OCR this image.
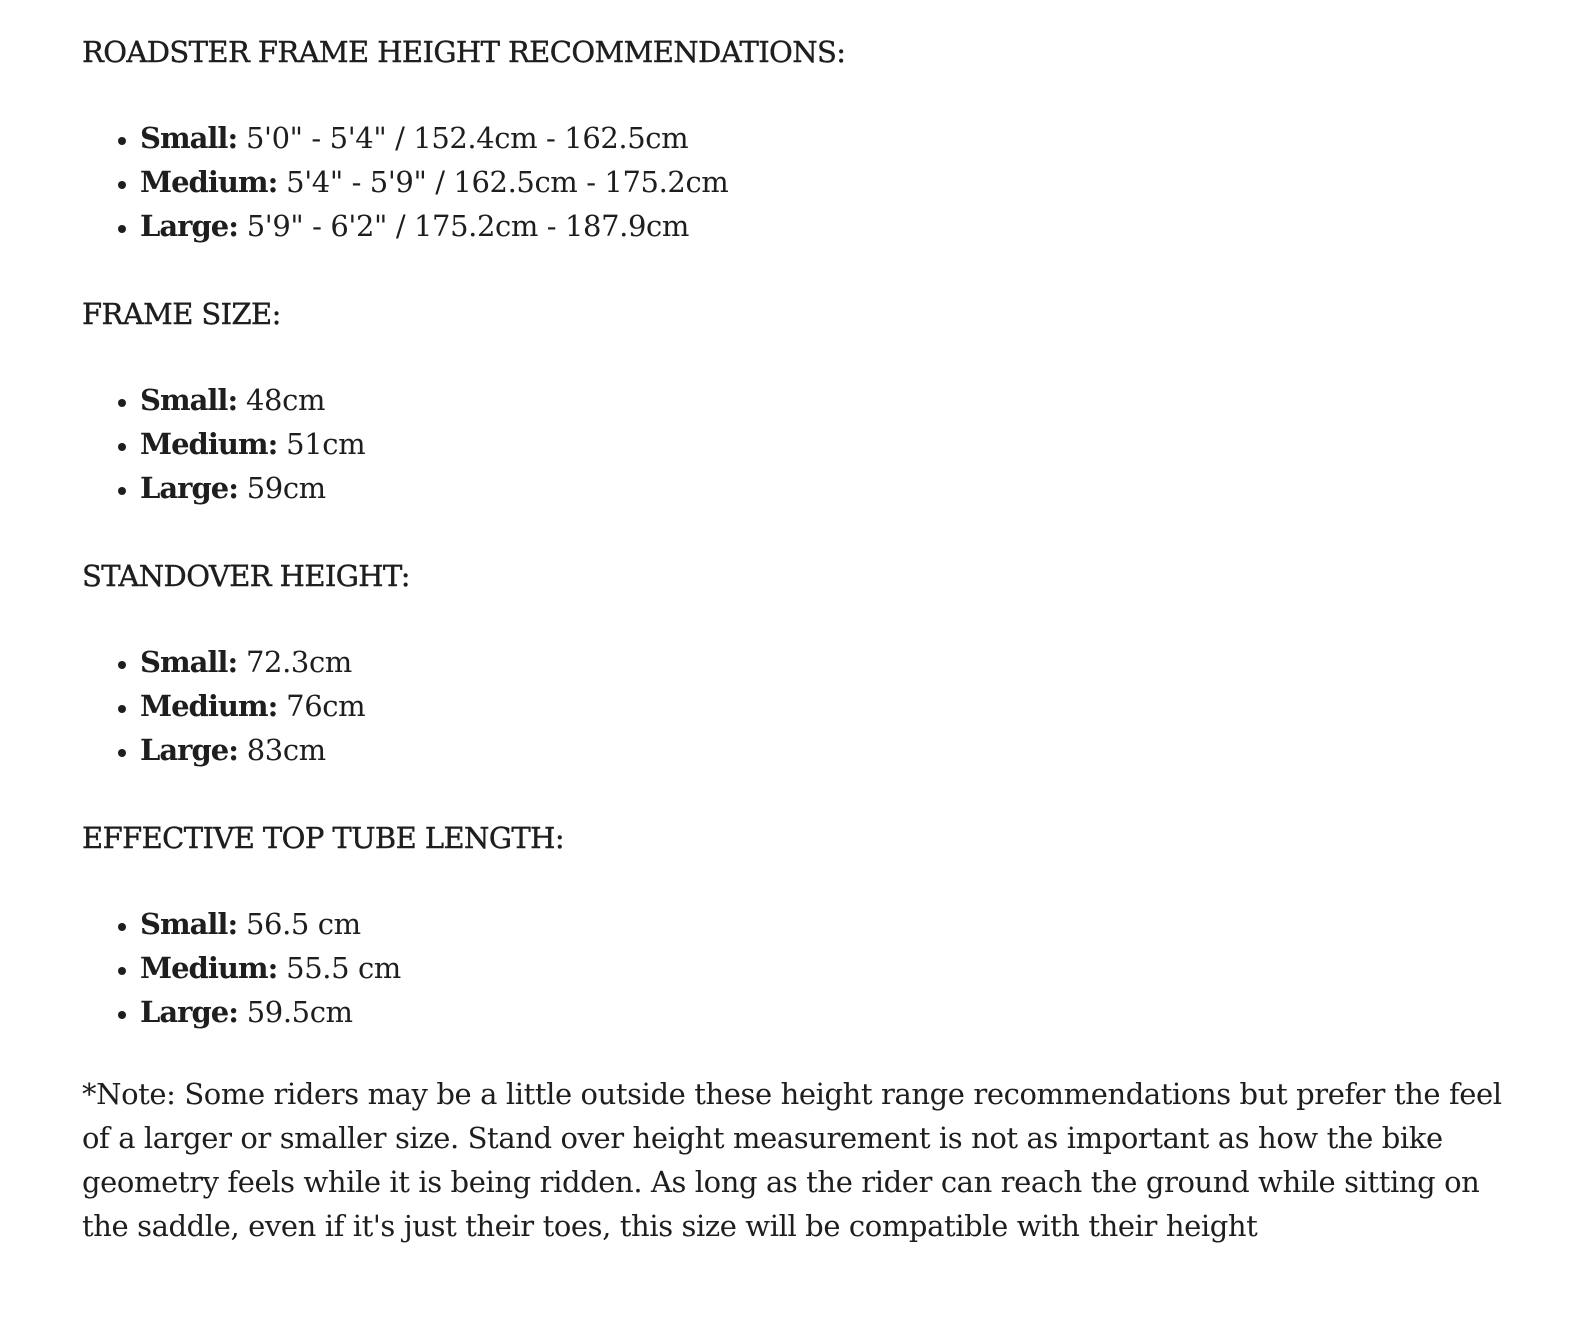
ROADSTER FRAME HEIGHT RECOMMENDATIONS:
• Small: 5'0" - 5'4" / 152.4cm - 162.5cm
• Medium: 5'4" - 5'9" / 162.5cm - 175.2cm
• Large: 5'9" - 6'2" / 175.2cm - 187.9cm
FRAME SIZE:
• Small: 48cm
• Medium: 51cm
• Large: 59cm
STANDOVER HEIGHT:
• Small: 72.3cm
• Medium: 76cm
• Large: 83cm
EFFECTIVE TOP TUBE LENGTH:
• Small: 56.5 cm
• Medium: 55.5 cm
• Large: 59.5cm

*Note: Some riders may be a little outside these height range recommendations but prefer the feel of a larger or smaller size. Stand over height measurement is not as important as how the bike geometry feels while it is being ridden. As long as the rider can reach the ground while sitting on the saddle, even if it's just their toes, this size will be compatible with their height
